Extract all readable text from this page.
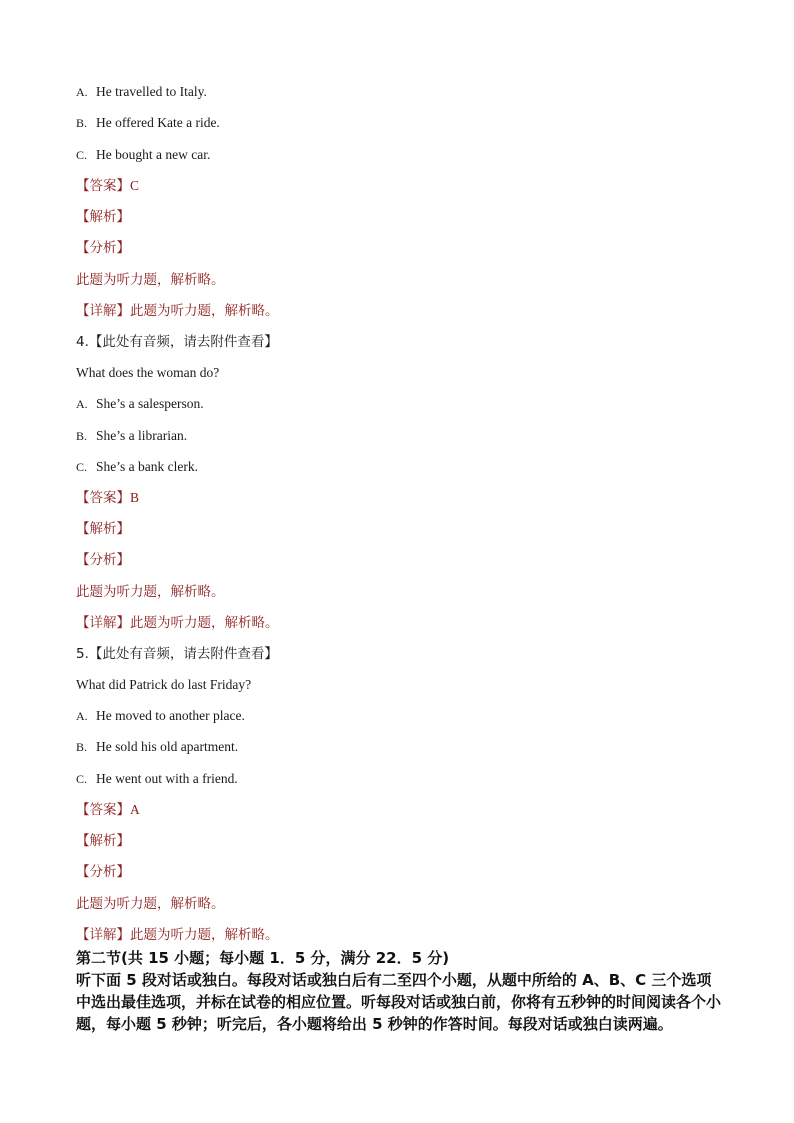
A. He travelled to Italy.
B. He offered Kate a ride.
C. He bought a new car.
【答案】C
【解析】
【分析】
此题为听力题，解析略。
【详解】此题为听力题，解析略。
4.【此处有音频，请去附件查看】
What does the woman do?
A. She’s a salesperson.
B. She’s a librarian.
C. She’s a bank clerk.
【答案】B
【解析】
【分析】
此题为听力题，解析略。
【详解】此题为听力题，解析略。
5.【此处有音频，请去附件查看】
What did Patrick do last Friday?
A. He moved to another place.
B. He sold his old apartment.
C. He went out with a friend.
【答案】A
【解析】
【分析】
此题为听力题，解析略。
【详解】此题为听力题，解析略。

第二节(共 15 小题；每小题 1．5 分，满分 22．5 分)

听下面 5 段对话或独白。每段对话或独白后有二至四个小题，从题中所给的 A、B、C 三个选项中选出最佳选项，并标在试卷的相应位置。听每段对话或独白前，你将有五秒钟的时间阅读各个小题，每小题 5 秒钟；听完后，各小题将给出 5 秒钟的作答时间。每段对话或独白读两遍。
